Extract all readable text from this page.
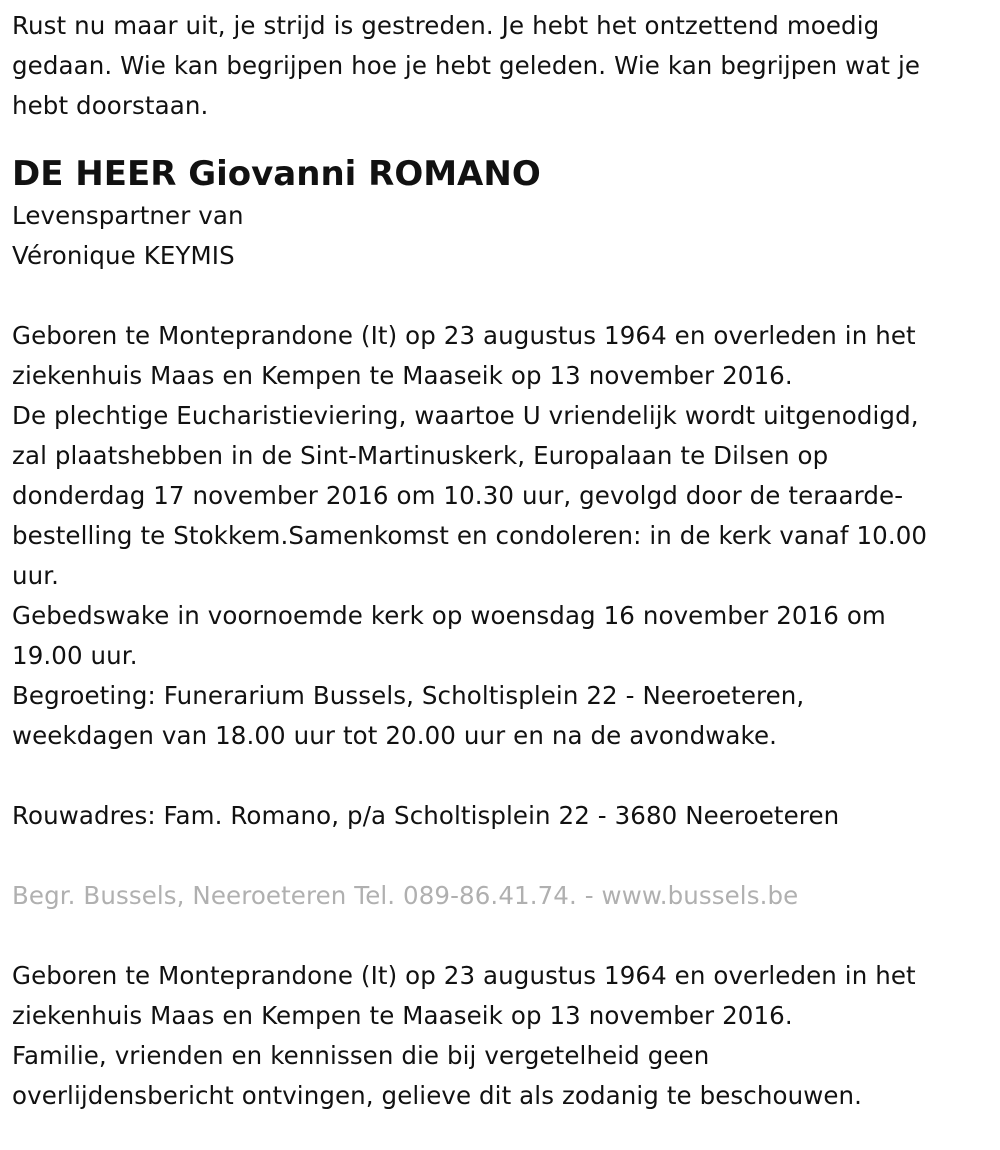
Rust nu maar uit, je strijd is gestreden. Je hebt het ontzettend moedig
gedaan. Wie kan begrijpen hoe je hebt geleden. Wie kan begrijpen wat je
hebt doorstaan.

DE HEER Giovanni ROMANO

Levenspartner van
Véronique KEYMIS

Geboren te Monteprandone (It) op 23 augustus 1964 en overleden in het
ziekenhuis Maas en Kempen te Maaseik op 13 november 2016.
De plechtige Eucharistieviering, waartoe U vriendelijk wordt uitgenodigd,
zal plaatshebben in de Sint-Martinuskerk, Europalaan te Dilsen op
donderdag 17 november 2016 om 10.30 uur, gevolgd door de teraarde-
bestelling te Stokkem.Samenkomst en condoleren: in de kerk vanaf 10.00
uur.
Gebedswake in voornoemde kerk op woensdag 16 november 2016 om
19.00 uur.
Begroeting: Funerarium Bussels, Scholtisplein 22 - Neeroeteren,
weekdagen van 18.00 uur tot 20.00 uur en na de avondwake.

Rouwadres: Fam. Romano, p/a Scholtisplein 22 - 3680 Neeroeteren

Begr. Bussels, Neeroeteren Tel. 089-86.41.74. - www.bussels.be

Geboren te Monteprandone (It) op 23 augustus 1964 en overleden in het
ziekenhuis Maas en Kempen te Maaseik op 13 november 2016.
Familie, vrienden en kennissen die bij vergetelheid geen
overlijdensbericht ontvingen, gelieve dit als zodanig te beschouwen.
